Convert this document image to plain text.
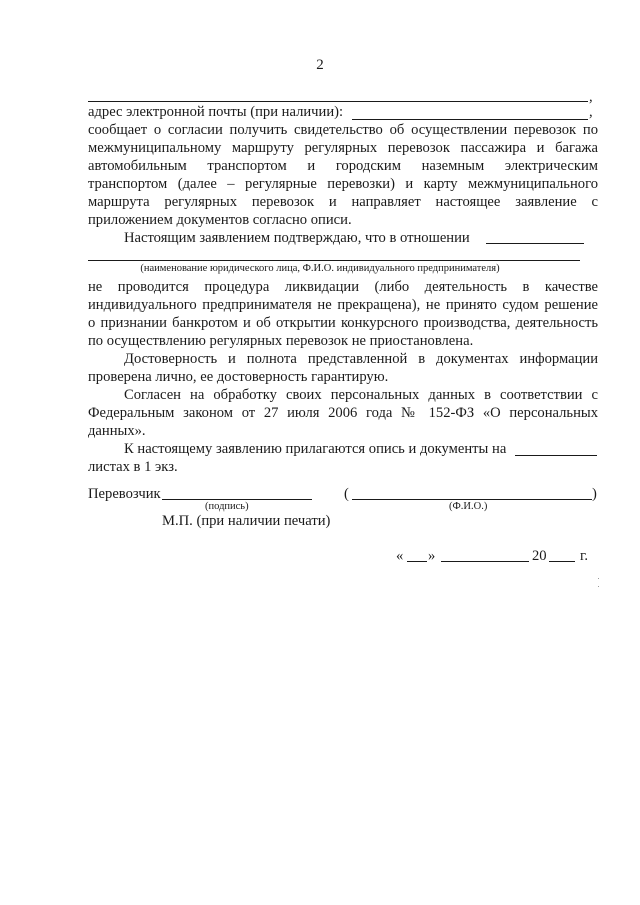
2
,
адрес электронной почты (при наличии):	,
сообщает о согласии получить свидетельство об осуществлении перевозок по
межмуниципальному маршруту регулярных перевозок пассажира и багажа
автомобильным транспортом и городским наземным электрическим
транспортом (далее – регулярные перевозки) и карту межмуниципального
маршрута регулярных перевозок и направляет настоящее заявление с
приложением документов согласно описи.
Настоящим заявлением подтверждаю, что в отношении
(наименование юридического лица, Ф.И.О. индивидуального предпринимателя)
не проводится процедура ликвидации (либо деятельность в качестве
индивидуального предпринимателя не прекращена), не принято судом решение
о признании банкротом и об открытии конкурсного производства, деятельность
по осуществлению регулярных перевозок не приостановлена.
Достоверность и полнота представленной в документах информации
проверена лично, ее достоверность гарантирую.
Согласен на обработку своих персональных данных в соответствии с
Федеральным законом от 27 июля 2006 года № 152-ФЗ «О персональных
данных».
К настоящему заявлению прилагаются опись и документы на
листах в 1 экз.
Перевозчик	(	)
(подпись)	(Ф.И.О.)
М.П. (при наличии печати)
« »	20 г.
